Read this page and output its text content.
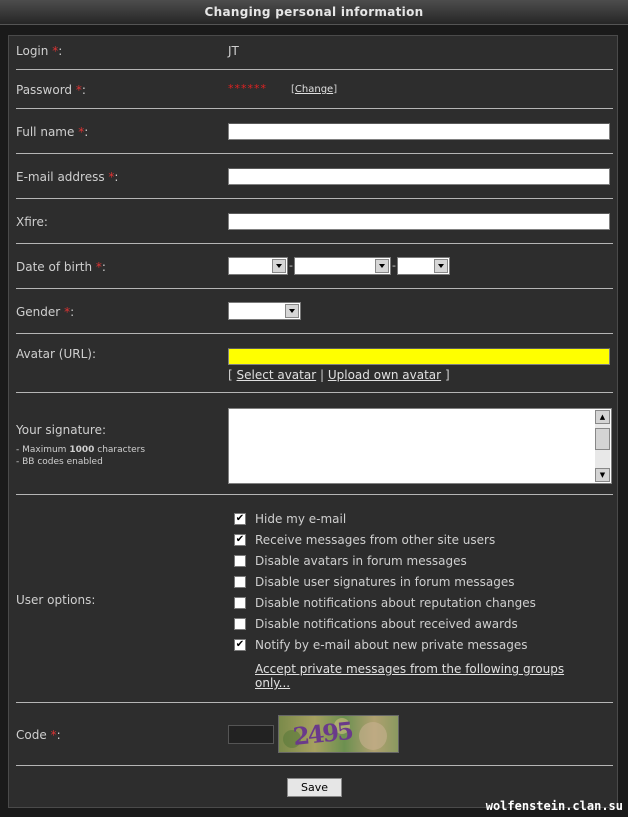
Changing personal information
Login *:	JT
Password *:	****** [Change]
Full name *:
E-mail address *:
Xfire:
Date of birth *:	-	-
Gender *:
Avatar (URL):
[ Select avatar | Upload own avatar ]
Your signature:
- Maximum 1000 characters
- BB codes enabled
▲
▼
User options:
✔ Hide my e-mail
✔ Receive messages from other site users
Disable avatars in forum messages
Disable user signatures in forum messages
Disable notifications about reputation changes
Disable notifications about received awards
✔ Notify by e-mail about new private messages
Accept private messages from the following groups
only...
Code *:	2495
Save
wolfenstein.clan.su
